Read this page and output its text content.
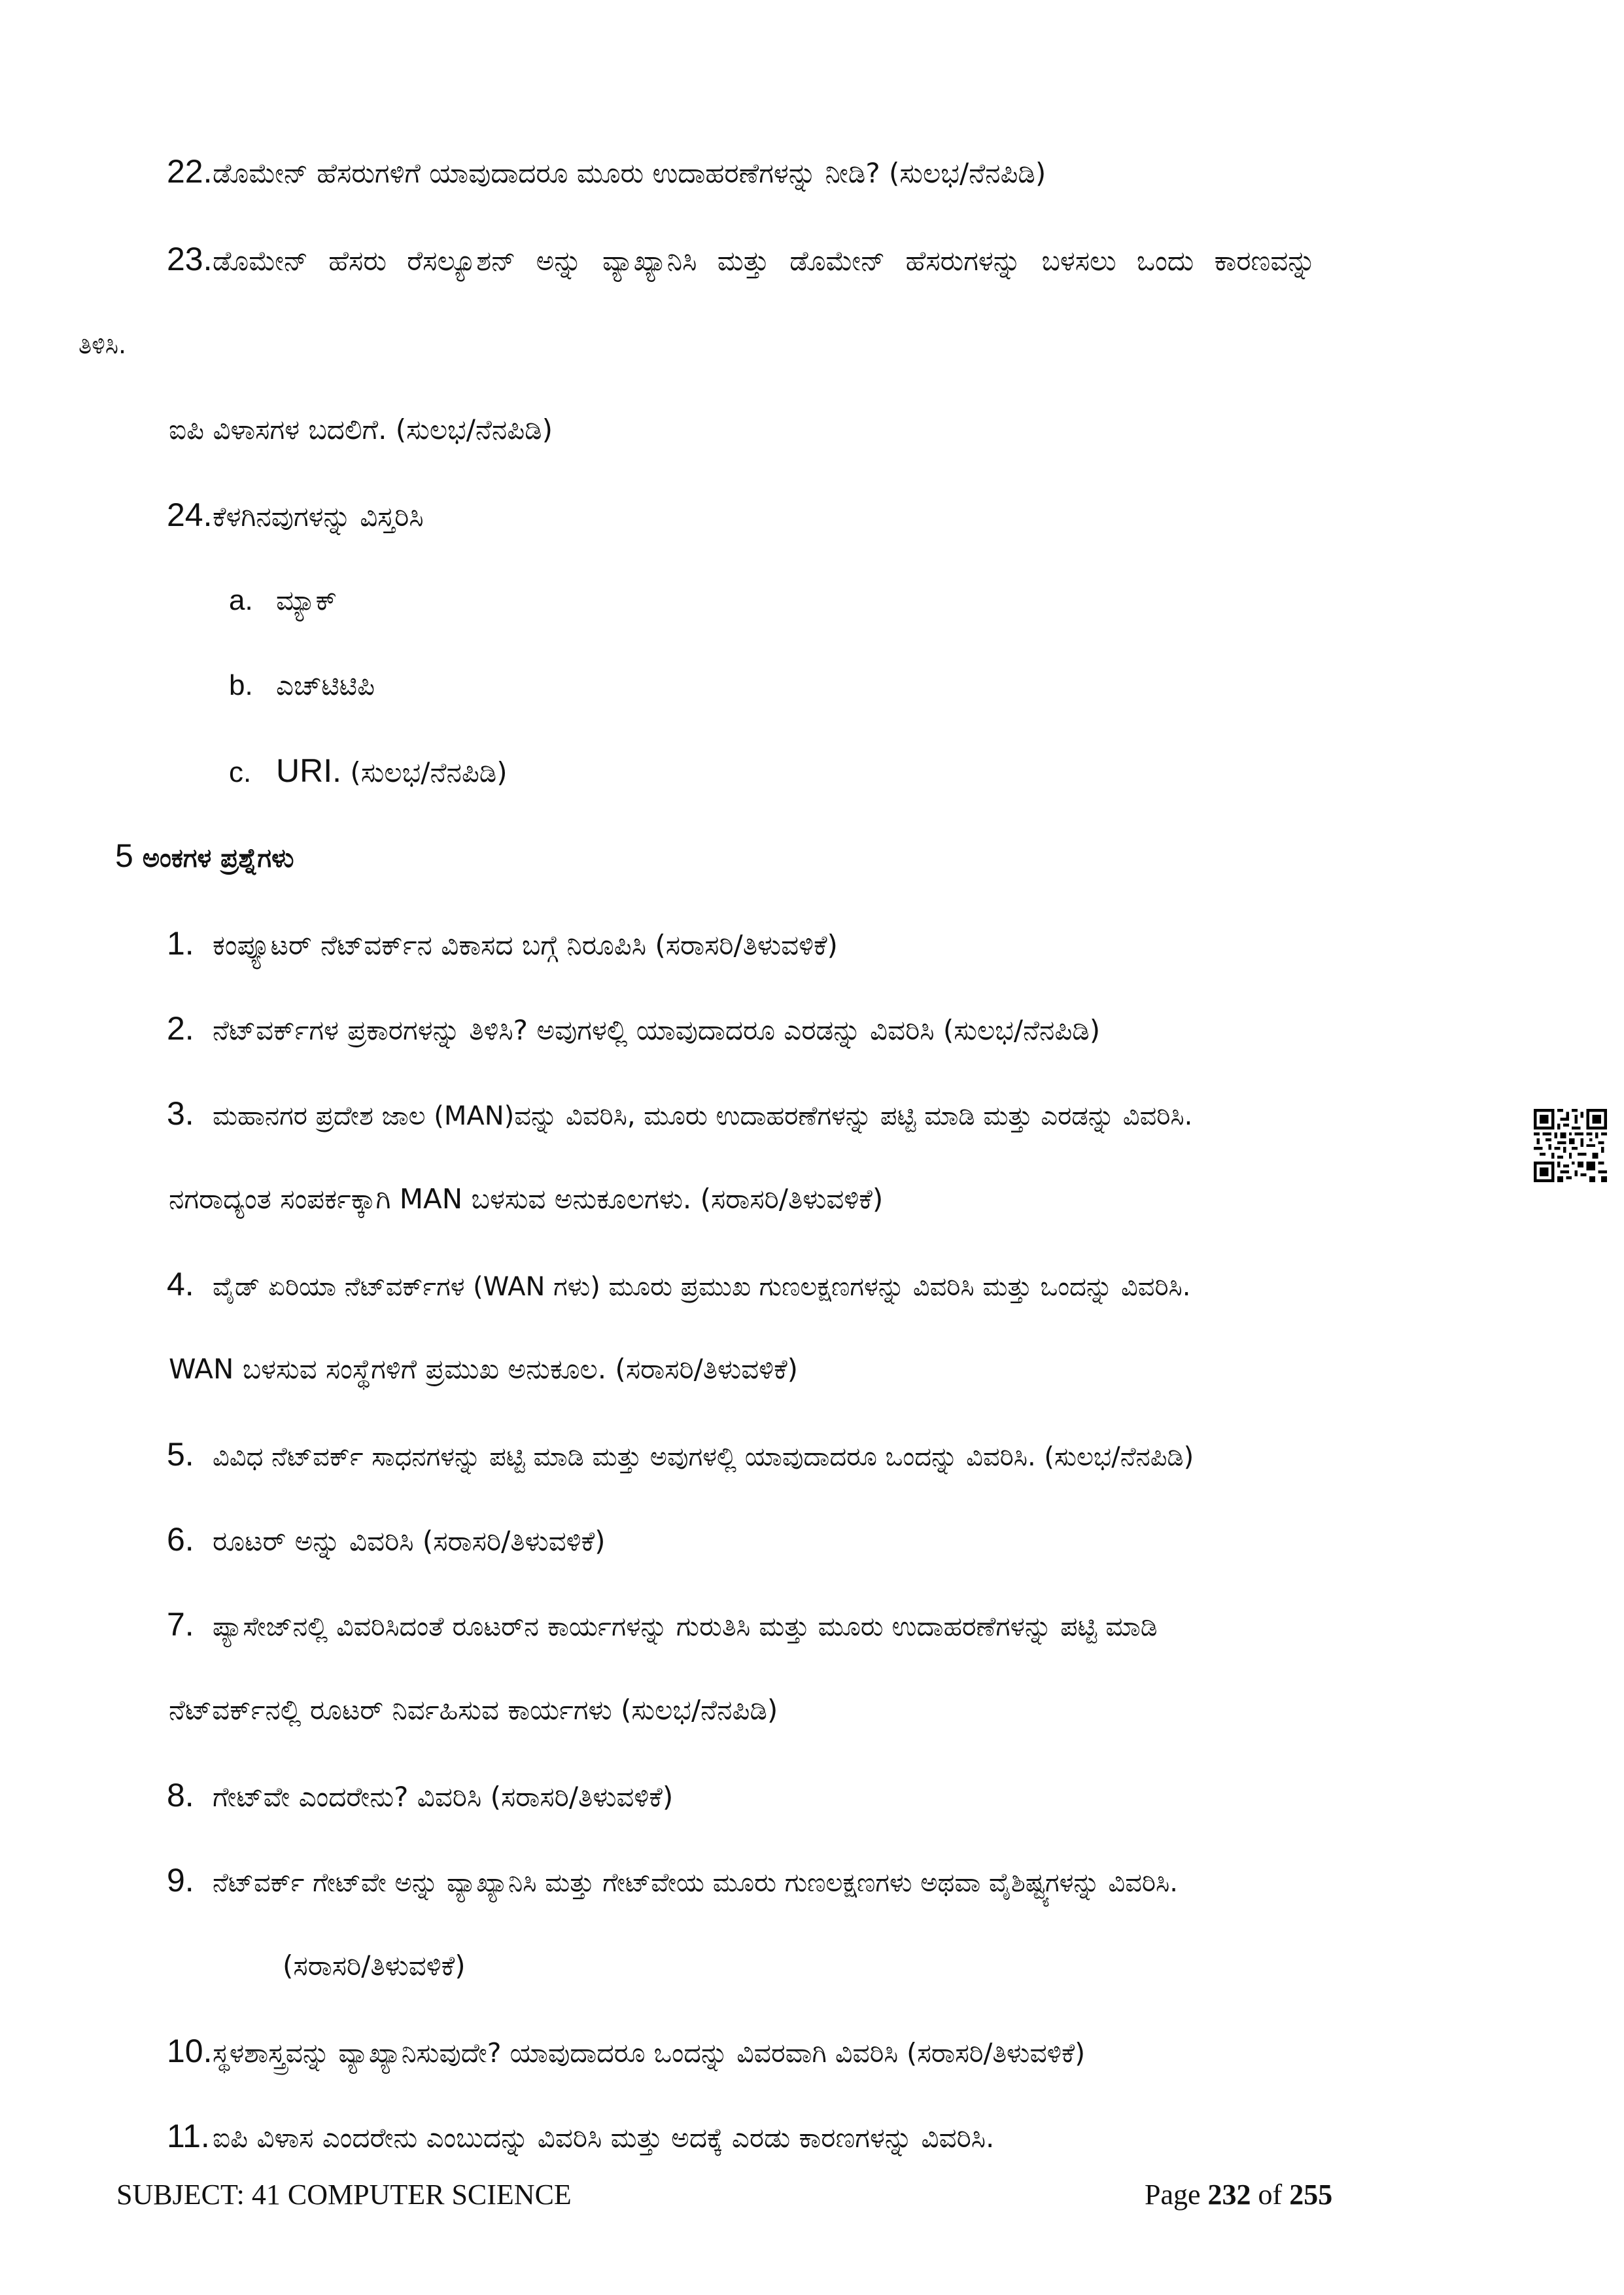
22.ಡೊಮೇನ್ ಹೆಸರುಗಳಿಗೆ ಯಾವುದಾದರೂ ಮೂರು ಉದಾಹರಣೆಗಳನ್ನು ನೀಡಿ? (ಸುಲಭ/ನೆನಪಿಡಿ)
23.ಡೊಮೇನ್ ಹೆಸರು ರೆಸಲ್ಯೂಶನ್ ಅನ್ನು ವ್ಯಾಖ್ಯಾನಿಸಿ ಮತ್ತು ಡೊಮೇನ್ ಹೆಸರುಗಳನ್ನು ಬಳಸಲು ಒಂದು ಕಾರಣವನ್ನು
ತಿಳಿಸಿ.
ಐಪಿ ವಿಳಾಸಗಳ ಬದಲಿಗೆ. (ಸುಲಭ/ನೆನಪಿಡಿ)
24.ಕೆಳಗಿನವುಗಳನ್ನು ವಿಸ್ತರಿಸಿ
a. ಮ್ಯಾಕ್
b. ಎಚ್‌ಟಿಟಿಪಿ
c. URI. (ಸುಲಭ/ನೆನಪಿಡಿ)
5 ಅಂಕಗಳ ಪ್ರಶ್ನೆಗಳು
1. ಕಂಪ್ಯೂಟರ್ ನೆಟ್‌ವರ್ಕ್‌ನ ವಿಕಾಸದ ಬಗ್ಗೆ ನಿರೂಪಿಸಿ (ಸರಾಸರಿ/ತಿಳುವಳಿಕೆ)
2. ನೆಟ್‌ವರ್ಕ್‌ಗಳ ಪ್ರಕಾರಗಳನ್ನು ತಿಳಿಸಿ? ಅವುಗಳಲ್ಲಿ ಯಾವುದಾದರೂ ಎರಡನ್ನು ವಿವರಿಸಿ (ಸುಲಭ/ನೆನಪಿಡಿ)
3. ಮಹಾನಗರ ಪ್ರದೇಶ ಜಾಲ (MAN)ವನ್ನು ವಿವರಿಸಿ, ಮೂರು ಉದಾಹರಣೆಗಳನ್ನು ಪಟ್ಟಿ ಮಾಡಿ ಮತ್ತು ಎರಡನ್ನು ವಿವರಿಸಿ.
ನಗರಾದ್ಯಂತ ಸಂಪರ್ಕಕ್ಕಾಗಿ MAN ಬಳಸುವ ಅನುಕೂಲಗಳು. (ಸರಾಸರಿ/ತಿಳುವಳಿಕೆ)
4. ವೈಡ್ ಏರಿಯಾ ನೆಟ್‌ವರ್ಕ್‌ಗಳ (WAN ಗಳು) ಮೂರು ಪ್ರಮುಖ ಗುಣಲಕ್ಷಣಗಳನ್ನು ವಿವರಿಸಿ ಮತ್ತು ಒಂದನ್ನು ವಿವರಿಸಿ.
WAN ಬಳಸುವ ಸಂಸ್ಥೆಗಳಿಗೆ ಪ್ರಮುಖ ಅನುಕೂಲ. (ಸರಾಸರಿ/ತಿಳುವಳಿಕೆ)
5. ವಿವಿಧ ನೆಟ್‌ವರ್ಕ್ ಸಾಧನಗಳನ್ನು ಪಟ್ಟಿ ಮಾಡಿ ಮತ್ತು ಅವುಗಳಲ್ಲಿ ಯಾವುದಾದರೂ ಒಂದನ್ನು ವಿವರಿಸಿ. (ಸುಲಭ/ನೆನಪಿಡಿ)
6. ರೂಟರ್ ಅನ್ನು ವಿವರಿಸಿ (ಸರಾಸರಿ/ತಿಳುವಳಿಕೆ)
7. ಪ್ಯಾಸೇಜ್‌ನಲ್ಲಿ ವಿವರಿಸಿದಂತೆ ರೂಟರ್‌ನ ಕಾರ್ಯಗಳನ್ನು ಗುರುತಿಸಿ ಮತ್ತು ಮೂರು ಉದಾಹರಣೆಗಳನ್ನು ಪಟ್ಟಿ ಮಾಡಿ
ನೆಟ್‌ವರ್ಕ್‌ನಲ್ಲಿ ರೂಟರ್ ನಿರ್ವಹಿಸುವ ಕಾರ್ಯಗಳು (ಸುಲಭ/ನೆನಪಿಡಿ)
8. ಗೇಟ್‌ವೇ ಎಂದರೇನು? ವಿವರಿಸಿ (ಸರಾಸರಿ/ತಿಳುವಳಿಕೆ)
9. ನೆಟ್‌ವರ್ಕ್ ಗೇಟ್‌ವೇ ಅನ್ನು ವ್ಯಾಖ್ಯಾನಿಸಿ ಮತ್ತು ಗೇಟ್‌ವೇಯ ಮೂರು ಗುಣಲಕ್ಷಣಗಳು ಅಥವಾ ವೈಶಿಷ್ಟ್ಯಗಳನ್ನು ವಿವರಿಸಿ.
(ಸರಾಸರಿ/ತಿಳುವಳಿಕೆ)
10.ಸ್ಥಳಶಾಸ್ತ್ರವನ್ನು ವ್ಯಾಖ್ಯಾನಿಸುವುದೇ? ಯಾವುದಾದರೂ ಒಂದನ್ನು ವಿವರವಾಗಿ ವಿವರಿಸಿ (ಸರಾಸರಿ/ತಿಳುವಳಿಕೆ)
11. ಐಪಿ ವಿಳಾಸ ಎಂದರೇನು ಎಂಬುದನ್ನು ವಿವರಿಸಿ ಮತ್ತು ಅದಕ್ಕೆ ಎರಡು ಕಾರಣಗಳನ್ನು ವಿವರಿಸಿ.
SUBJECT: 41 COMPUTER SCIENCE	Page 232 of 255
